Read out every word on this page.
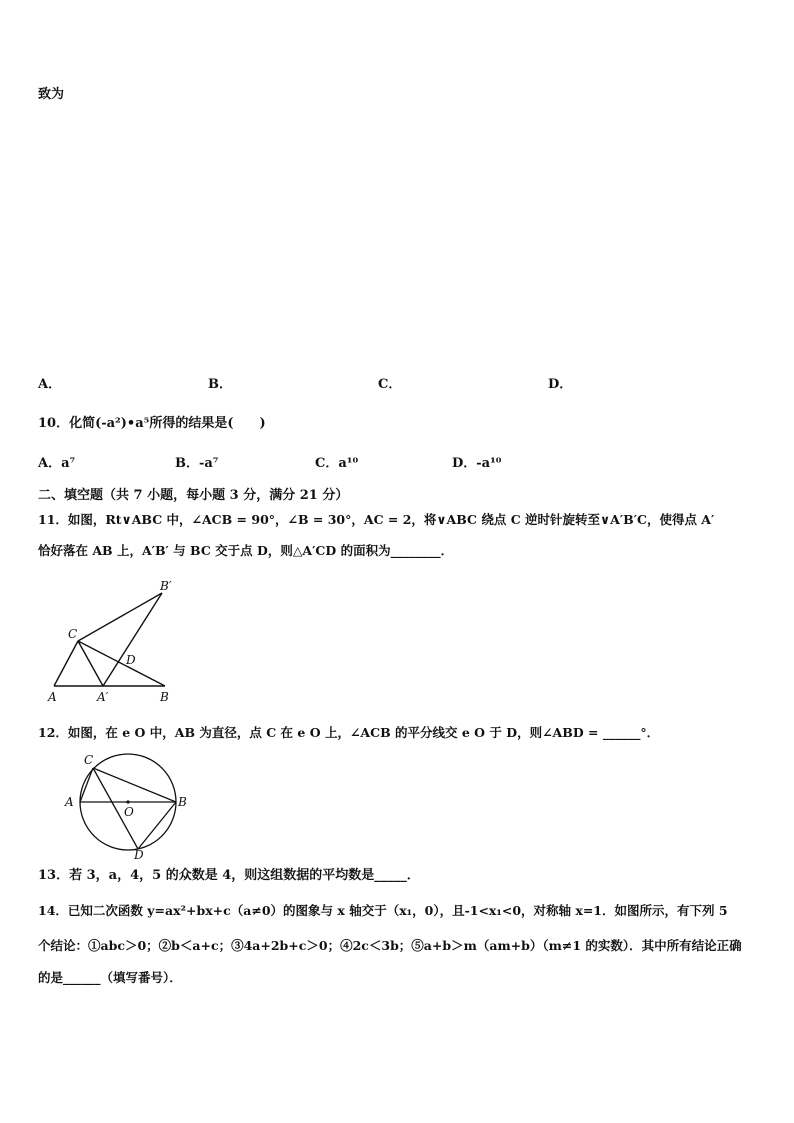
致为
A．	B．	C．	D．
10．化简(-a²)•a⁵所得的结果是(　　)
A．a⁷	B．-a⁷	C．a¹⁰	D．-a¹⁰
二、填空题（共 7 小题，每小题 3 分，满分 21 分）
11．如图，Rt∨ABC 中，∠ACB = 90°，∠B = 30°，AC = 2，将∨ABC 绕点 C 逆时针旋转至∨A′B′C，使得点 A′
恰好落在 AB 上，A′B′ 与 BC 交于点 D，则△A′CD 的面积为________．
B′
C
D
A	A′	B
12．如图，在 e O 中，AB 为直径，点 C 在 e O 上，∠ACB 的平分线交 e O 于 D，则∠ABD = ______°．
C
A
O
B
D
13．若 3，a，4，5 的众数是 4，则这组数据的平均数是_____．
14．已知二次函数 y=ax²+bx+c（a≠0）的图象与 x 轴交于（x₁，0），且-1<x₁<0，对称轴 x=1．如图所示，有下列 5
个结论：①abc＞0；②b＜a+c；③4a+2b+c＞0；④2c＜3b；⑤a+b＞m（am+b）（m≠1 的实数）．其中所有结论正确
的是______（填写番号）．
